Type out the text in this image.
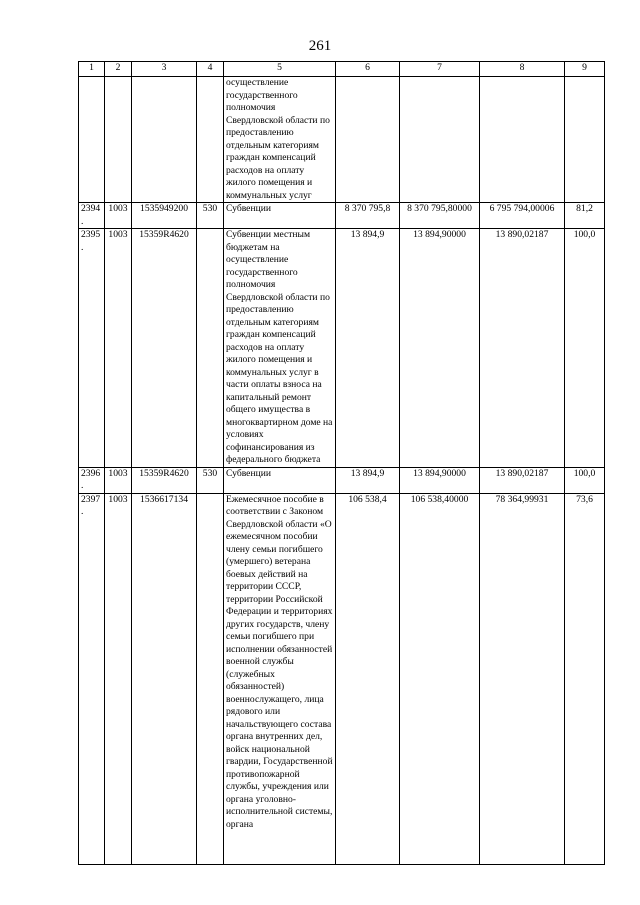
261
1	2	3	4	5	6	7	8	9
				осуществление государственного полномочия Свердловской области по предоставлению отдельным категориям граждан компенсаций расходов на оплату жилого помещения и коммунальных услуг				
2394.	1003	1535949200	530	Субвенции	8 370 795,8	8 370 795,80000	6 795 794,00006	81,2
2395.	1003	15359R4620		Субвенции местным бюджетам на осуществление государственного полномочия Свердловской области по предоставлению отдельным категориям граждан компенсаций расходов на оплату жилого помещения и коммунальных услуг в части оплаты взноса на капитальный ремонт общего имущества в многоквартирном доме на условиях софинансирования из федерального бюджета	13 894,9	13 894,90000	13 890,02187	100,0
2396.	1003	15359R4620	530	Субвенции	13 894,9	13 894,90000	13 890,02187	100,0
2397.	1003	1536617134		Ежемесячное пособие в соответствии с Законом Свердловской области «О ежемесячном пособии члену семьи погибшего (умершего) ветерана боевых действий на территории СССР, территории Российской Федерации и территориях других государств, члену семьи погибшего при исполнении обязанностей военной службы (служебных обязанностей) военнослужащего, лица рядового или начальствующего состава органа внутренних дел, войск национальной гвардии, Государственной противопожарной службы, учреждения или органа уголовно-исполнительной системы, органа	106 538,4	106 538,40000	78 364,99931	73,6
